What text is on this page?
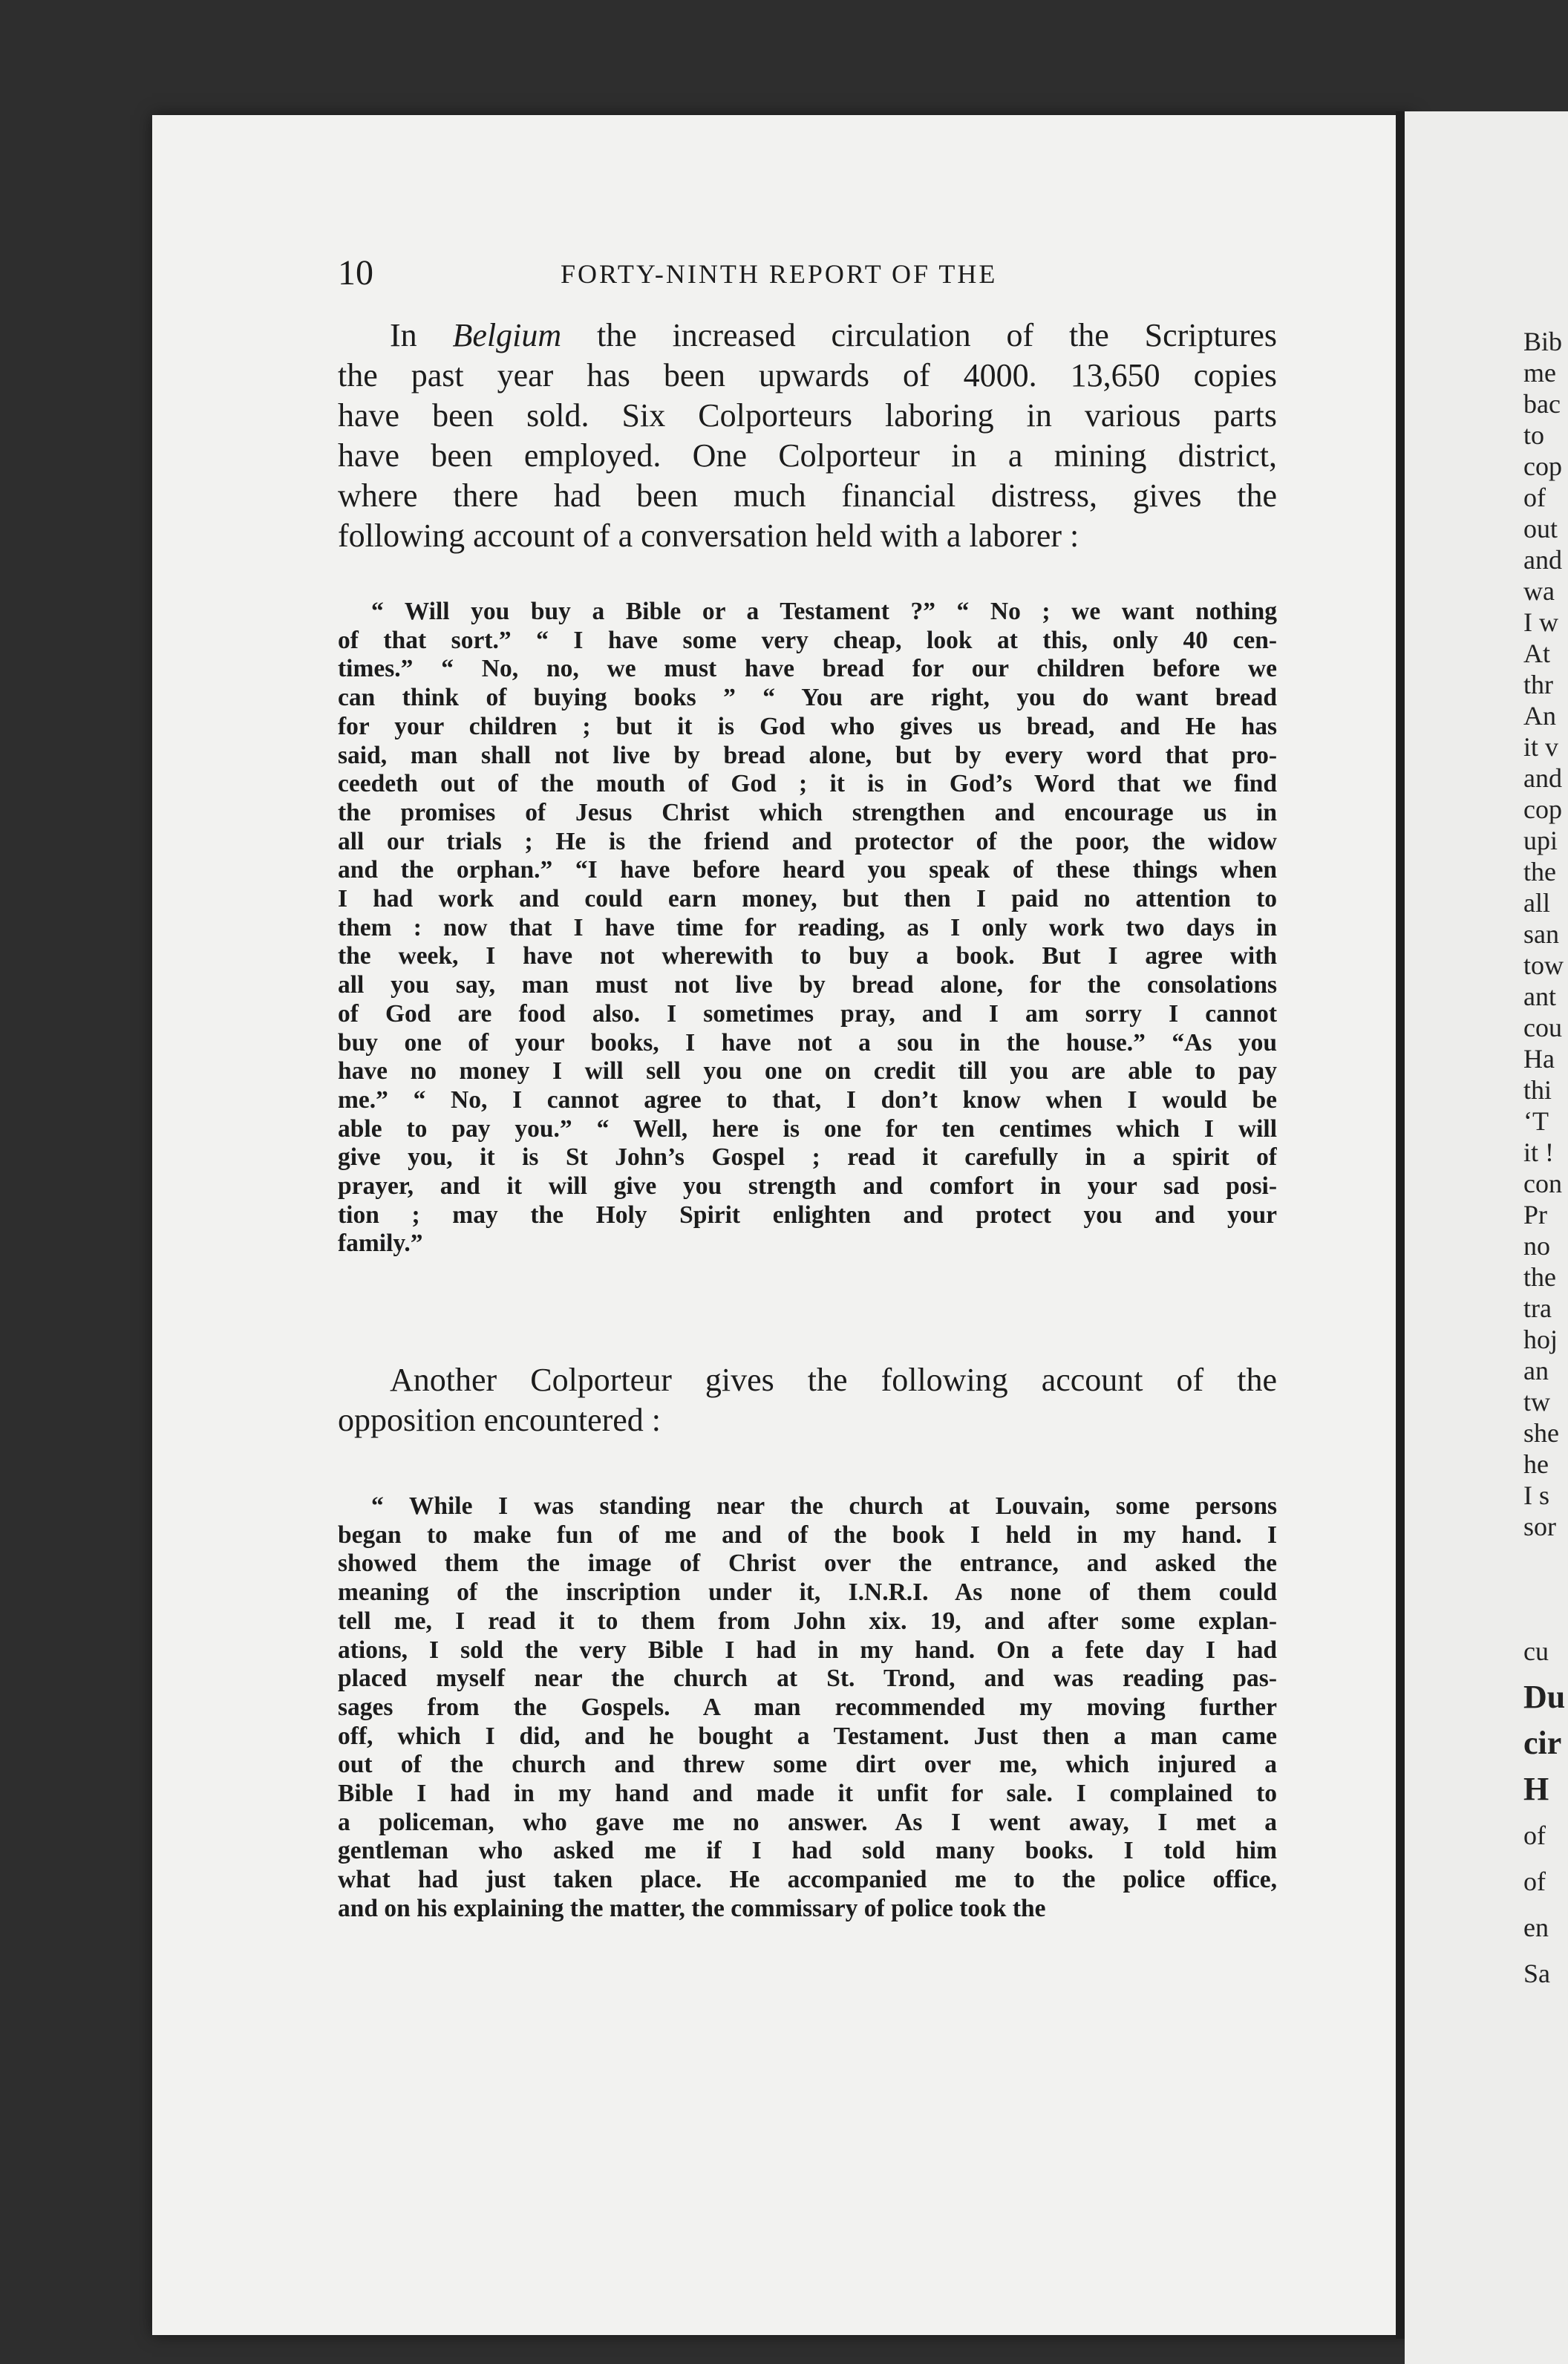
Bib
me
bac
to
cop
of
out
and
wa
I w
At
thr
An
it v
and
cop
upi
the
all
san
tow
ant
cou
Ha
thi
‘T
it !
con
Pr
no
the
tra
hoj
an
tw
she
he
I s
sor
cu
Du
cir
H
of
of
en
Sa
10	FORTY-NINTH REPORT OF THE
In Belgium the increased circulation of the Scriptures
the past year has been upwards of 4000. 13,650 copies
have been sold. Six Colporteurs laboring in various parts
have been employed. One Colporteur in a mining district,
where there had been much financial distress, gives the
following account of a conversation held with a laborer :
“ Will you buy a Bible or a Testament ?” “ No ; we want nothing
of that sort.” “ I have some very cheap, look at this, only 40 cen-
times.” “ No, no, we must have bread for our children before we
can think of buying books ” “ You are right, you do want bread
for your children ; but it is God who gives us bread, and He has
said, man shall not live by bread alone, but by every word that pro-
ceedeth out of the mouth of God ; it is in God’s Word that we find
the promises of Jesus Christ which strengthen and encourage us in
all our trials ; He is the friend and protector of the poor, the widow
and the orphan.” “I have before heard you speak of these things when
I had work and could earn money, but then I paid no attention to
them : now that I have time for reading, as I only work two days in
the week, I have not wherewith to buy a book. But I agree with
all you say, man must not live by bread alone, for the consolations
of God are food also. I sometimes pray, and I am sorry I cannot
buy one of your books, I have not a sou in the house.” “As you
have no money I will sell you one on credit till you are able to pay
me.” “ No, I cannot agree to that, I don’t know when I would be
able to pay you.” “ Well, here is one for ten centimes which I will
give you, it is St John’s Gospel ; read it carefully in a spirit of
prayer, and it will give you strength and comfort in your sad posi-
tion ; may the Holy Spirit enlighten and protect you and your
family.”
Another Colporteur gives the following account of the
opposition encountered :
“ While I was standing near the church at Louvain, some persons
began to make fun of me and of the book I held in my hand. I
showed them the image of Christ over the entrance, and asked the
meaning of the inscription under it, I.N.R.I. As none of them could
tell me, I read it to them from John xix. 19, and after some explan-
ations, I sold the very Bible I had in my hand. On a fete day I had
placed myself near the church at St. Trond, and was reading pas-
sages from the Gospels. A man recommended my moving further
off, which I did, and he bought a Testament. Just then a man came
out of the church and threw some dirt over me, which injured a
Bible I had in my hand and made it unfit for sale. I complained to
a policeman, who gave me no answer. As I went away, I met a
gentleman who asked me if I had sold many books. I told him
what had just taken place. He accompanied me to the police office,
and on his explaining the matter, the commissary of police took the
